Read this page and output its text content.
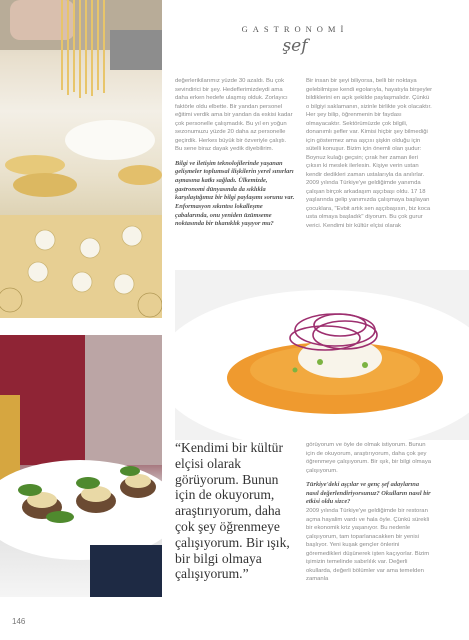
GASTRONOMİ
şef

değerlerikilarımız yüzde 30 azaldı. Bu çok sevindirici bir şey. Hedeflerimizdeydi ama daha erken hedefe ulaşmış olduk. Zorlayıcı faktörle oldu elbette. Bir yandan personel eğitimi verdik ama bir yandan da eskisi kadar çok personelle çalışmadık. Bu yıl en yoğun sezonumuzu yüzde 20 daha az personelle geçirdik. Herkes büyük bir özveriyle çalıştı. Bu sene biraz dayak yedik diyebilirim.

Bilgi ve iletişim teknolojilerinde yaşanan gelişmeler toplumsal ilişkilerin yerel sınırları aşmasına katkı sağladı. Ülkemizde, gastronomi dünyasında da sıklıkla karşılaştığımız bir bilgi paylaşımı sorunu var. Enformasyon sıkıntısı lokalleşme çabalarında, onu yeniden üzümseme noktasında bir tıkanıklık yaşıyor mu?

Bir insan bir şeyi biliyorsa, belli bir noktaya gelebilmişse kendi egolarıyla, hayatıyla birşeyler bildiklerini en açık şekilde paylaşmalıdır. Çünkü o bilgiyi saklamanın, sizinle birlikte yok olacaktır. Her şey bilip, öğrenmenin bir faydası olmayacaktır. Sektörümüzde çok bilgili, donanımlı şefler var. Kimisi hiçbir şey bilmediği için göstermez ama aşçısı şişkin olduğu için sütelli konuşur. Bizim için önemli olan şudur: Boynuz kulağı geçsin; çırak her zaman ileri çıksın ki meslek ilerlesin. Kişiye verin ustan kendir dedikleri zaman ustalarıyla da anılırlar. 2009 yılında Türkiye'ye geldiğimde yanımda çalışan birçok arkadaşım aşçıbaşı oldu. 17 18 yaşlarında gelip yanımızda çalışmaya başlayan çocuklara, "Evbit artık sen aşçıbaşısın, biz koca usta olmaya başladık" diyorum. Bu çok gurur verici. Kendimi bir kültür elçisi olarak

“Kendimi bir kültür elçisi olarak görüyorum. Bunun için de okuyorum, araştırıyorum, daha çok şey öğrenmeye çalışıyorum. Bir ışık, bir bilgi olmaya çalışıyorum.”

görüyorum ve öyle de olmak istiyorum. Bunun için de okuyorum, araştırıyorum, daha çok şey öğrenmeye çalışıyorum. Bir ışık, bir bilgi olmaya çalışıyorum.

Türkiye'deki aşçılar ve genç şef adaylarına nasıl değerlendiriyorsunuz? Okulların nasıl bir etkisi oldu sizce?

2009 yılında Türkiye'ye geldiğimde bir restoran açma hayalim vardı ve hala öyle. Çünkü sürekli bir ekonomik kriz yaşanıyor. Bu nedenle çalışıyorum, tam toparlanacakken bir yenisi başlıyor. Yeni kuşak gençler önlerini göremedikleri düşünerek işten kaçıyorlar. Bizim işimizin temelinde sabırlılık var. Değerli okullarda, değerli bölümler var ama temelden zamanla

146
